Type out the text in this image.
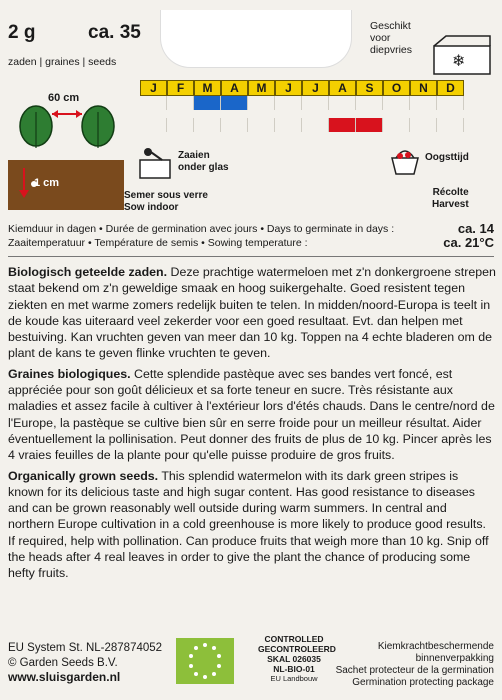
2 g	ca. 35
zaden | graines | seeds
Geschikt
voor
diepvries
❄
60 cm
1 cm
J	F	M	A	M	J	J	A	S	O	N	D
Zaaien
onder glas
Semer sous verre
Sow indoor
Oogsttijd
Récolte
Harvest
Kiemduur in dagen • Durée de germination avec jours • Days to germinate in days :	ca. 14
Zaaitemperatuur • Température de semis • Sowing temperature :	ca. 21°C

Biologisch geteelde zaden. Deze prachtige watermeloen met z'n donkergroene strepen staat bekend om z'n geweldige smaak en hoog suikergehalte. Goed resistent tegen ziekten en met warme zomers redelijk buiten te telen. In midden/noord-Europa is teelt in de koude kas uiteraard veel zekerder voor een goed resultaat. Evt. dan helpen met bestuiving. Kan vruchten geven van meer dan 10 kg. Toppen na 4 echte bladeren om de plant de kans te geven flinke vruchten te geven.

Graines biologiques. Cette splendide pastèque avec ses bandes vert foncé, est appréciée pour son goût délicieux et sa forte teneur en sucre. Très résistante aux maladies et assez facile à cultiver à l'extérieur lors d'étés chauds. Dans le centre/nord de l'Europe, la pastèque se cultive bien sûr en serre froide pour un meilleur résultat. Aider éventuellement la pollinisation. Peut donner des fruits de plus de 10 kg. Pincer après les 4 vraies feuilles de la plante pour qu'elle puisse produire de gros fruits.

Organically grown seeds. This splendid watermelon with its dark green stripes is known for its delicious taste and high sugar content. Has good resistance to diseases and can be grown reasonably well outside during warm summers. In central and northern Europe cultivation in a cold greenhouse is more likely to produce good results. If required, help with pollination. Can produce fruits that weigh more than 10 kg. Snip off the heads after 4 real leaves in order to give the plant the chance of producing some hefty fruits.

EU System St. NL-287874052
© Garden Seeds B.V.
www.sluisgarden.nl
CONTROLLED
GECONTROLEERD
SKAL 026035
NL-BIO-01
EU Landbouw
Kiemkrachtbeschermende
binnenverpakking
Sachet protecteur de la germination
Germination protecting package
